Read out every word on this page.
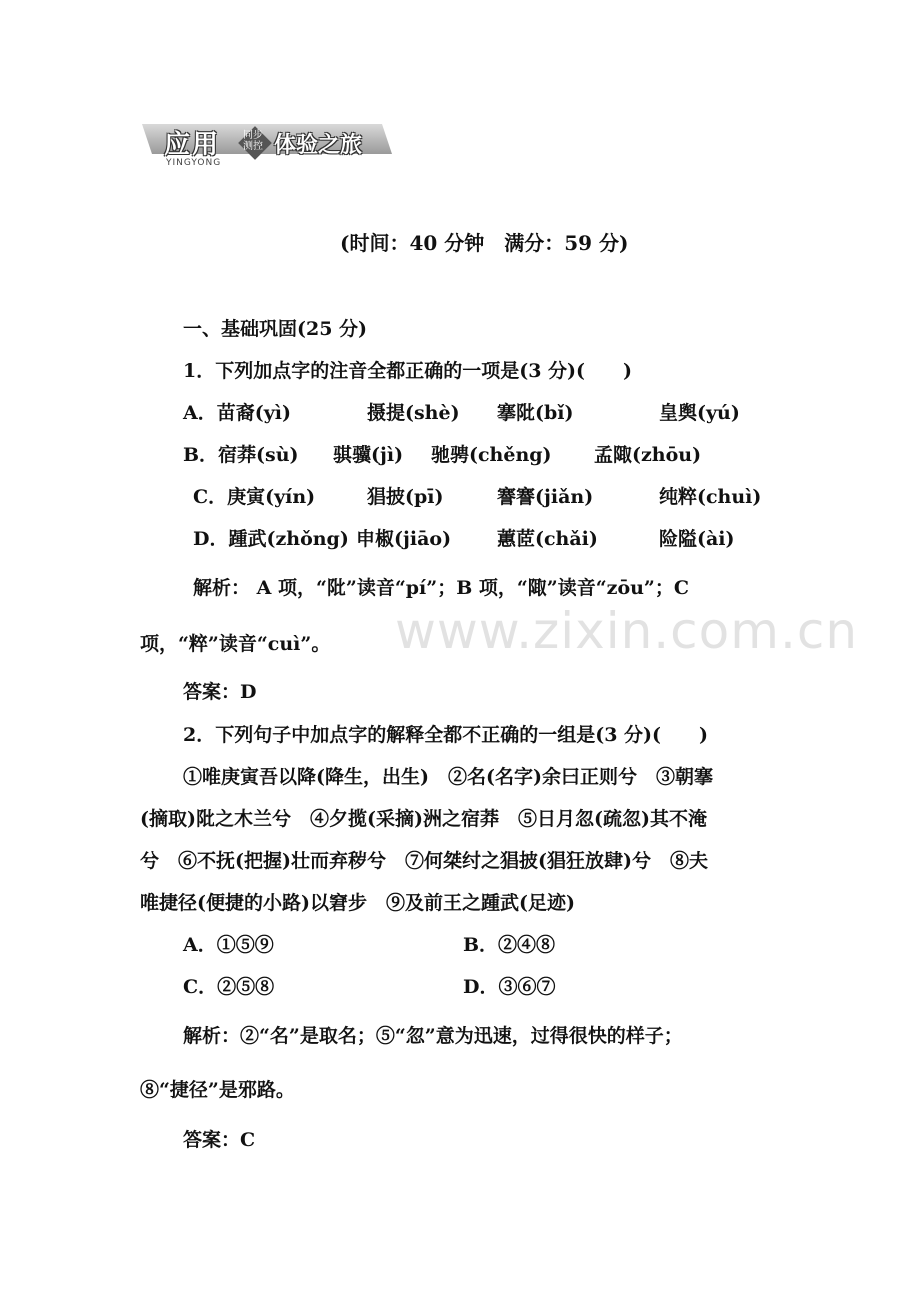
应用
YINGYONG
同步测控 体验之旅
(时间：40 分钟　满分：59 分)
一、基础巩固(25 分)
1．下列加点字的注音全都正确的一项是(3 分)(　　)
A．苗裔(yì)	摄提(shè) 搴阰(bǐ)	皇舆(yú)
B．宿莽(sù) 骐骥(jì) 驰骋(chěng) 孟陬(zhōu)
C．庚寅(yín)	猖披(pī)	謇謇(jiǎn)	纯粹(chuì)
D．踵武(zhǒng) 申椒(jiāo) 蕙茝(chǎi)	险隘(ài)
解析： A 项，“阰”读音“pí”；B 项，“陬”读音“zōu”；C
项，“粹”读音“cuì”。
答案：D
2．下列句子中加点字的解释全都不正确的一组是(3 分)(　　)
①唯庚寅吾以降(降生，出生)　②名(名字)余曰正则兮　③朝搴
(摘取)阰之木兰兮　④夕揽(采摘)洲之宿莽　⑤日月忽(疏忽)其不淹
兮　⑥不抚(把握)壮而弃秽兮　⑦何桀纣之猖披(猖狂放肆)兮　⑧夫
唯捷径(便捷的小路)以窘步　⑨及前王之踵武(足迹)
A．①⑤⑨	B．②④⑧
C．②⑤⑧	D．③⑥⑦
解析：②“名”是取名；⑤“忽”意为迅速，过得很快的样子；
⑧“捷径”是邪路。
答案：C
www.zixin.com.cn
